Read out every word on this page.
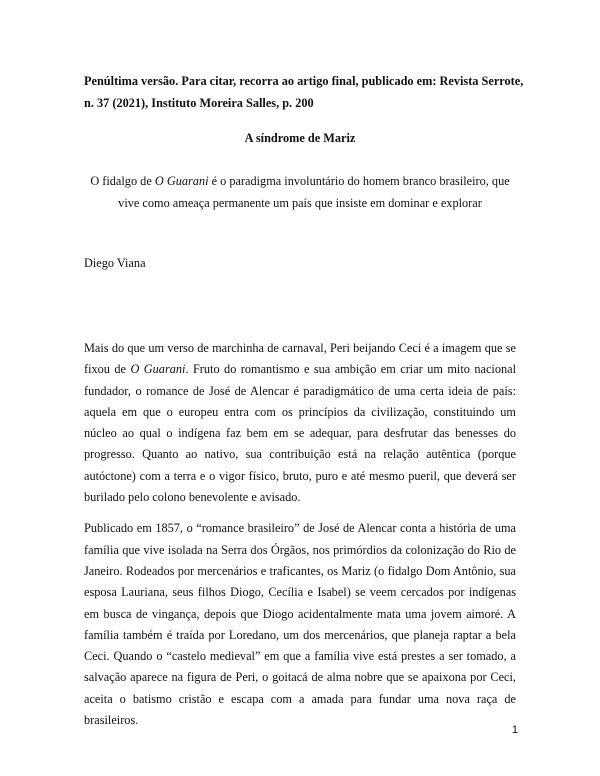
Penúltima versão. Para citar, recorra ao artigo final, publicado em: Revista Serrote, n. 37 (2021), Instituto Moreira Salles, p. 200
A síndrome de Mariz
O fidalgo de O Guarani é o paradigma involuntário do homem branco brasileiro, que vive como ameaça permanente um país que insiste em dominar e explorar
Diego Viana

Mais do que um verso de marchinha de carnaval, Peri beijando Ceci é a imagem que se fixou de O Guarani. Fruto do romantismo e sua ambição em criar um mito nacional fundador, o romance de José de Alencar é paradigmático de uma certa ideia de país: aquela em que o europeu entra com os princípios da civilização, constituindo um núcleo ao qual o indígena faz bem em se adequar, para desfrutar das benesses do progresso. Quanto ao nativo, sua contribuição está na relação autêntica (porque autóctone) com a terra e o vigor físico, bruto, puro e até mesmo pueril, que deverá ser burilado pelo colono benevolente e avisado.

Publicado em 1857, o “romance brasileiro” de José de Alencar conta a história de uma família que vive isolada na Serra dos Órgãos, nos primórdios da colonização do Rio de Janeiro. Rodeados por mercenários e traficantes, os Mariz (o fidalgo Dom Antônio, sua esposa Lauriana, seus filhos Diogo, Cecília e Isabel) se veem cercados por indígenas em busca de vingança, depois que Diogo acidentalmente mata uma jovem aimoré. A família também é traída por Loredano, um dos mercenários, que planeja raptar a bela Ceci. Quando o “castelo medieval” em que a família vive está prestes a ser tomado, a salvação aparece na figura de Peri, o goitacá de alma nobre que se apaixona por Ceci, aceita o batismo cristão e escapa com a amada para fundar uma nova raça de brasileiros.

1
